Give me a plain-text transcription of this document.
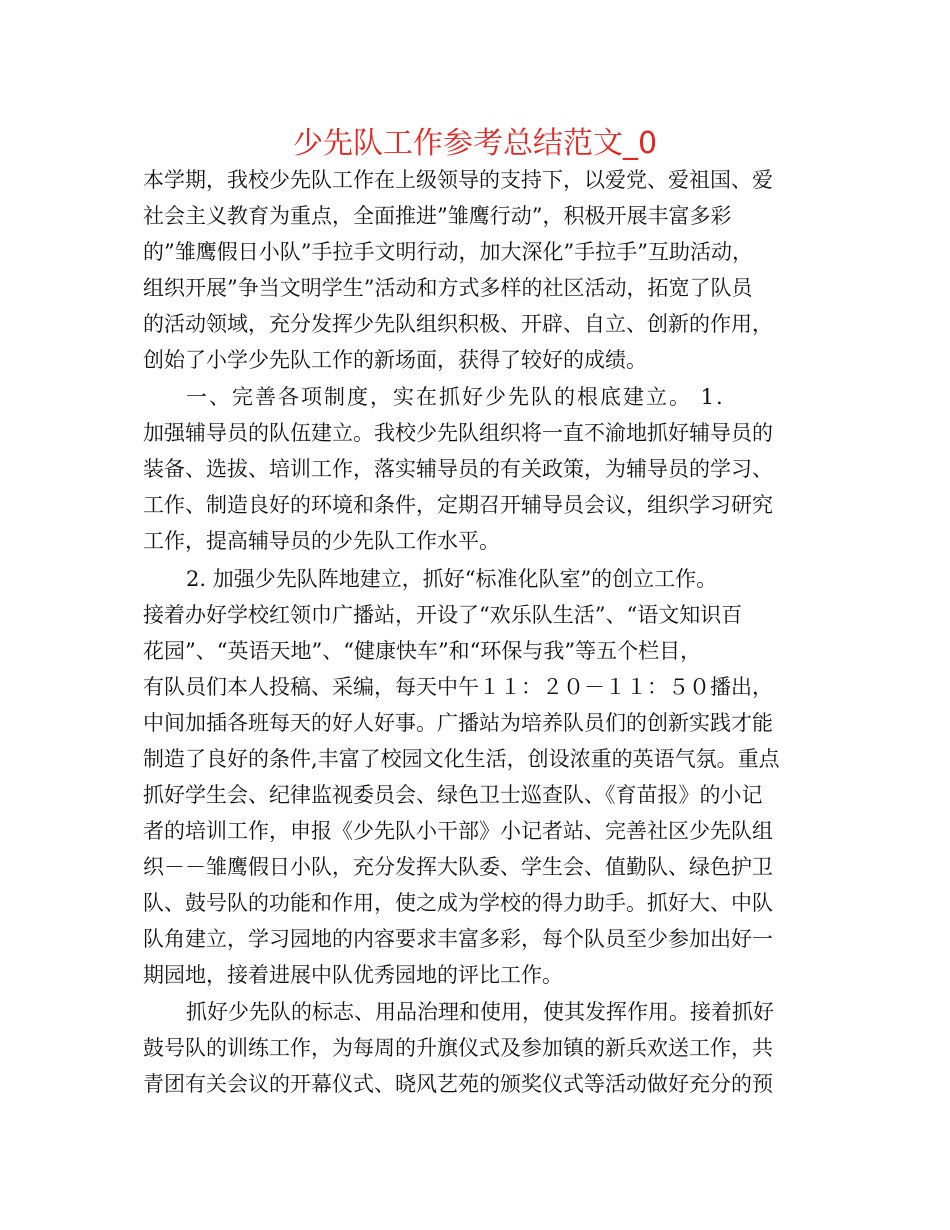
少先队工作参考总结范文_0

本学期，我校少先队工作在上级领导的支持下，以爱党、爱祖国、爱

社会主义教育为重点，全面推进”雏鹰行动”，积极开展丰富多彩

的”雏鹰假日小队”手拉手文明行动，加大深化”手拉手”互助活动，

组织开展”争当文明学生”活动和方式多样的社区活动，拓宽了队员

的活动领域，充分发挥少先队组织积极、开辟、自立、创新的作用，

创始了小学少先队工作的新场面，获得了较好的成绩。

一、完善各项制度，实在抓好少先队的根底建立。 1.

加强辅导员的队伍建立。我校少先队组织将一直不渝地抓好辅导员的

装备、选拔、培训工作，落实辅导员的有关政策，为辅导员的学习、

工作、制造良好的环境和条件，定期召开辅导员会议，组织学习研究

工作，提高辅导员的少先队工作水平。

2. 加强少先队阵地建立，抓好“标准化队室”的创立工作。

接着办好学校红领巾广播站，开设了“欢乐队生活”、“语文知识百

花园”、“英语天地”、“健康快车”和“环保与我”等五个栏目，

有队员们本人投稿、采编，每天中午１１：２０－１１：５０播出，

中间加插各班每天的好人好事。广播站为培养队员们的创新实践才能

制造了良好的条件,丰富了校园文化生活，创设浓重的英语气氛。重点

抓好学生会、纪律监视委员会、绿色卫士巡查队、《育苗报》的小记

者的培训工作，申报《少先队小干部》小记者站、完善社区少先队组

织－－雏鹰假日小队，充分发挥大队委、学生会、值勤队、绿色护卫

队、鼓号队的功能和作用，使之成为学校的得力助手。抓好大、中队

队角建立，学习园地的内容要求丰富多彩，每个队员至少参加出好一

期园地，接着进展中队优秀园地的评比工作。

抓好少先队的标志、用品治理和使用，使其发挥作用。接着抓好

鼓号队的训练工作，为每周的升旗仪式及参加镇的新兵欢送工作，共

青团有关会议的开幕仪式、晓风艺苑的颁奖仪式等活动做好充分的预
